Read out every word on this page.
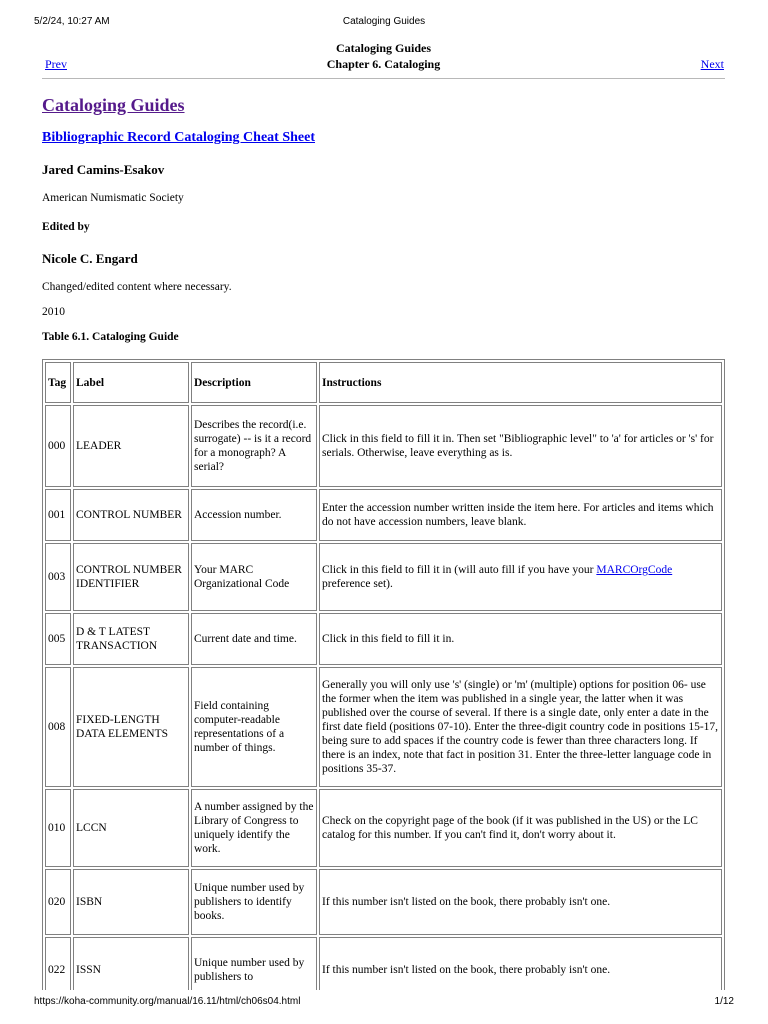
5/2/24, 10:27 AM	Cataloging Guides
Cataloging Guides
Prev	Chapter 6. Cataloging	Next
Cataloging Guides
Bibliographic Record Cataloging Cheat Sheet
Jared Camins-Esakov
American Numismatic Society
Edited by
Nicole C. Engard
Changed/edited content where necessary.
2010
Table 6.1. Cataloging Guide
Tag	Label	Description	Instructions
000	LEADER	Describes the record(i.e. surrogate) -- is it a record for a monograph? A serial?	Click in this field to fill it in. Then set "Bibliographic level" to 'a' for articles or 's' for serials. Otherwise, leave everything as is.
001	CONTROL NUMBER	Accession number.	Enter the accession number written inside the item here. For articles and items which do not have accession numbers, leave blank.
003	CONTROL NUMBER IDENTIFIER	Your MARC Organizational Code	Click in this field to fill it in (will auto fill if you have your MARCOrgCode preference set).
005	D & T LATEST TRANSACTION	Current date and time.	Click in this field to fill it in.
008	FIXED-LENGTH DATA ELEMENTS	Field containing computer-readable representations of a number of things.	Generally you will only use 's' (single) or 'm' (multiple) options for position 06- use the former when the item was published in a single year, the latter when it was published over the course of several. If there is a single date, only enter a date in the first date field (positions 07-10). Enter the three-digit country code in positions 15-17, being sure to add spaces if the country code is fewer than three characters long. If there is an index, note that fact in position 31. Enter the three-letter language code in positions 35-37.
010	LCCN	A number assigned by the Library of Congress to uniquely identify the work.	Check on the copyright page of the book (if it was published in the US) or the LC catalog for this number. If you can't find it, don't worry about it.
020	ISBN	Unique number used by publishers to identify books.	If this number isn't listed on the book, there probably isn't one.
022	ISSN	Unique number used by publishers to	If this number isn't listed on the book, there probably isn't one.
https://koha-community.org/manual/16.11/html/ch06s04.html	1/12
